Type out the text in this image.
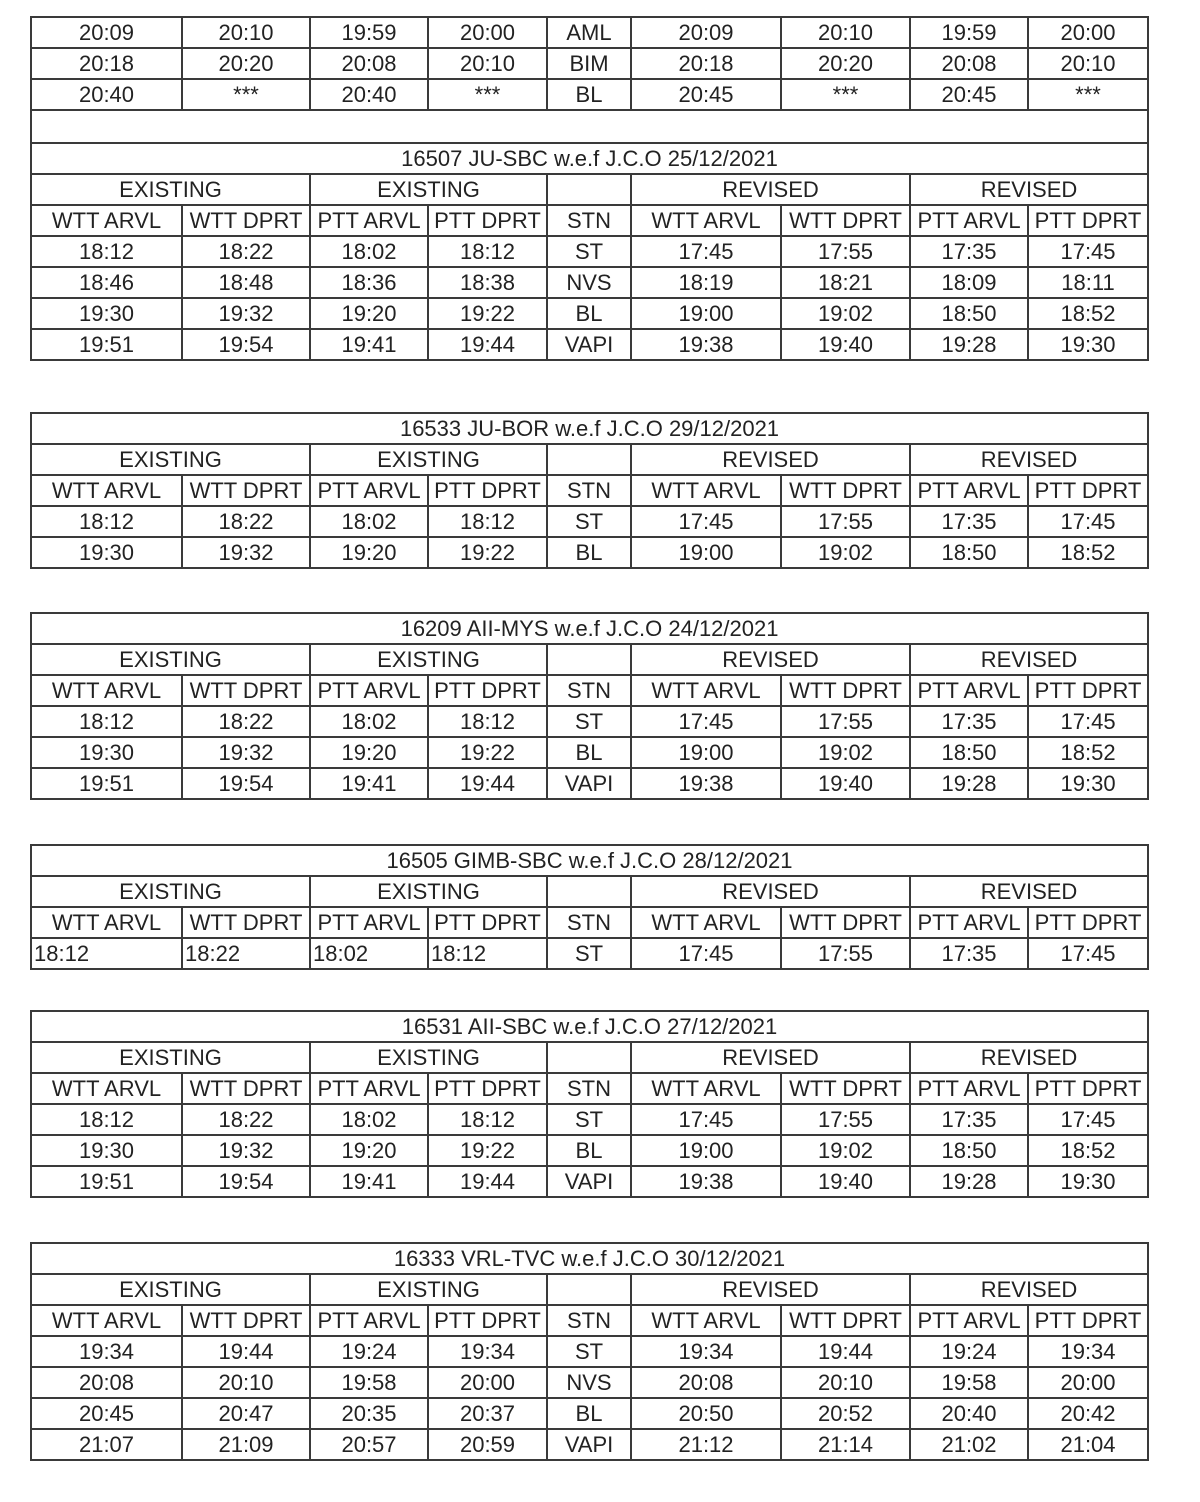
20:09	20:10	19:59	20:00	AML	20:09	20:10	19:59	20:00
20:18	20:20	20:08	20:10	BIM	20:18	20:20	20:08	20:10
20:40	***	20:40	***	BL	20:45	***	20:45	***

16507 JU-SBC w.e.f J.C.O 25/12/2021								
EXISTING		EXISTING			REVISED		REVISED	
WTT ARVL	WTT DPRT	PTT ARVL	PTT DPRT	STN	WTT ARVL	WTT DPRT	PTT ARVL	PTT DPRT
18:12	18:22	18:02	18:12	ST	17:45	17:55	17:35	17:45
18:46	18:48	18:36	18:38	NVS	18:19	18:21	18:09	18:11
19:30	19:32	19:20	19:22	BL	19:00	19:02	18:50	18:52
19:51	19:54	19:41	19:44	VAPI	19:38	19:40	19:28	19:30
16533 JU-BOR w.e.f J.C.O 29/12/2021								
EXISTING		EXISTING			REVISED		REVISED	
WTT ARVL	WTT DPRT	PTT ARVL	PTT DPRT	STN	WTT ARVL	WTT DPRT	PTT ARVL	PTT DPRT
18:12	18:22	18:02	18:12	ST	17:45	17:55	17:35	17:45
19:30	19:32	19:20	19:22	BL	19:00	19:02	18:50	18:52
16209 AII-MYS w.e.f J.C.O 24/12/2021								
EXISTING		EXISTING			REVISED		REVISED	
WTT ARVL	WTT DPRT	PTT ARVL	PTT DPRT	STN	WTT ARVL	WTT DPRT	PTT ARVL	PTT DPRT
18:12	18:22	18:02	18:12	ST	17:45	17:55	17:35	17:45
19:30	19:32	19:20	19:22	BL	19:00	19:02	18:50	18:52
19:51	19:54	19:41	19:44	VAPI	19:38	19:40	19:28	19:30
16505 GIMB-SBC w.e.f J.C.O 28/12/2021								
EXISTING		EXISTING			REVISED		REVISED	
WTT ARVL	WTT DPRT	PTT ARVL	PTT DPRT	STN	WTT ARVL	WTT DPRT	PTT ARVL	PTT DPRT
18:12	18:22	18:02	18:12	ST	17:45	17:55	17:35	17:45
16531 AII-SBC w.e.f J.C.O 27/12/2021								
EXISTING		EXISTING			REVISED		REVISED	
WTT ARVL	WTT DPRT	PTT ARVL	PTT DPRT	STN	WTT ARVL	WTT DPRT	PTT ARVL	PTT DPRT
18:12	18:22	18:02	18:12	ST	17:45	17:55	17:35	17:45
19:30	19:32	19:20	19:22	BL	19:00	19:02	18:50	18:52
19:51	19:54	19:41	19:44	VAPI	19:38	19:40	19:28	19:30
16333 VRL-TVC w.e.f J.C.O 30/12/2021								
EXISTING		EXISTING			REVISED		REVISED	
WTT ARVL	WTT DPRT	PTT ARVL	PTT DPRT	STN	WTT ARVL	WTT DPRT	PTT ARVL	PTT DPRT
19:34	19:44	19:24	19:34	ST	19:34	19:44	19:24	19:34
20:08	20:10	19:58	20:00	NVS	20:08	20:10	19:58	20:00
20:45	20:47	20:35	20:37	BL	20:50	20:52	20:40	20:42
21:07	21:09	20:57	20:59	VAPI	21:12	21:14	21:02	21:04
